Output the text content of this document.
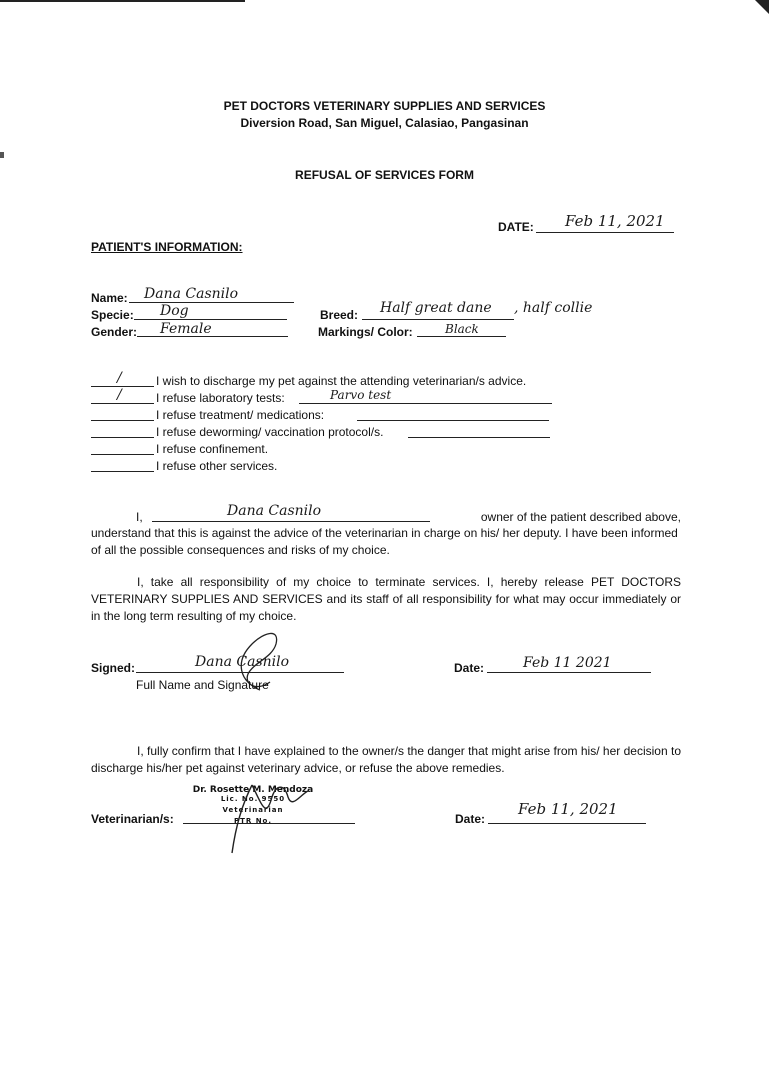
PET DOCTORS VETERINARY SUPPLIES AND SERVICES
Diversion Road, San Miguel, Calasiao, Pangasinan
REFUSAL OF SERVICES FORM
DATE: Feb 11, 2021
PATIENT'S INFORMATION:
Name: Dana Casnilo
Specie: Dog
Gender: Female
Breed: Half great dane , half collie
Markings/ Color:	Black
/	I wish to discharge my pet against the attending veterinarian/s advice.
/	I refuse laboratory tests:	Parvo test
I refuse treatment/ medications:
I refuse deworming/ vaccination protocol/s.
I refuse confinement.
I refuse other services.
I,	Dana Casnilo	owner of the patient described above,
understand that this is against the advice of the veterinarian in charge on his/ her deputy. I have been informed of all the possible consequences and risks of my choice.
I, take all responsibility of my choice to terminate services. I, hereby release PET DOCTORS VETERINARY SUPPLIES AND SERVICES and its staff of all responsibility for what may occur immediately or in the long term resulting of my choice.
Signed:	Dana Casnilo
Full Name and Signature
Date:	Feb 11 2021
I, fully confirm that I have explained to the owner/s the danger that might arise from his/ her decision to discharge his/her pet against veterinary advice, or refuse the above remedies.
Veterinarian/s:
Dr. Rosette M. Mendoza
Lic. No. 9550
Veterinarian
PTR No.	Date:
Feb 11, 2021
